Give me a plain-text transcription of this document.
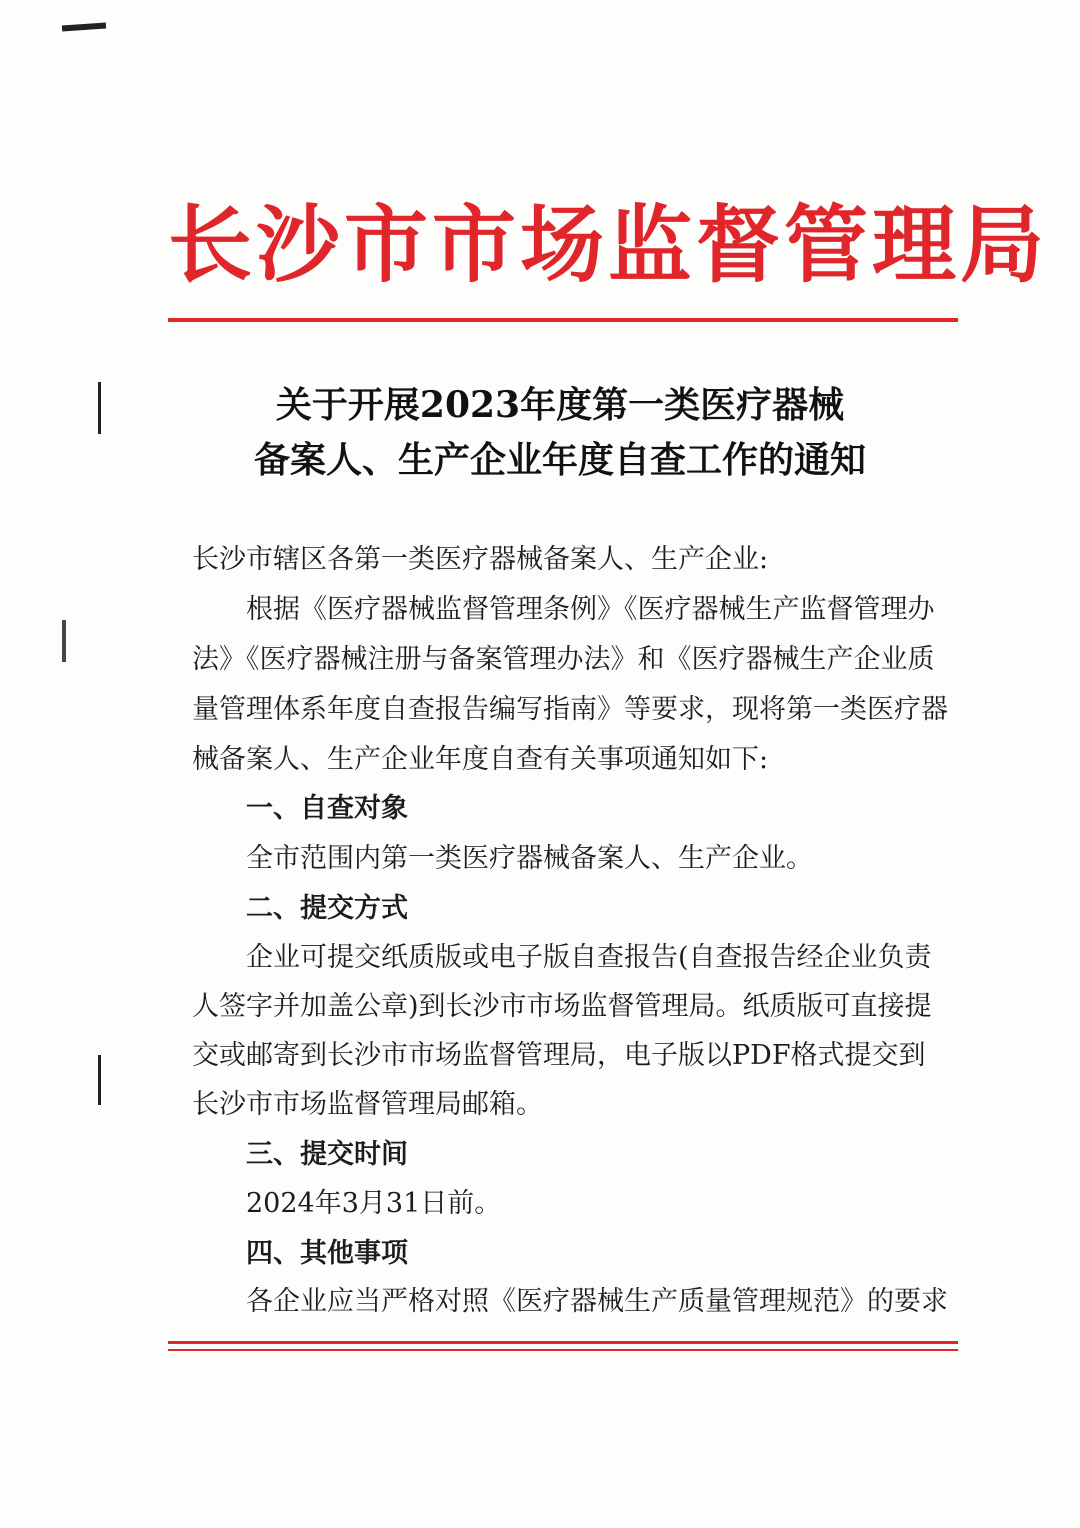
长沙市市场监督管理局
关于开展2023年度第一类医疗器械
备案人、生产企业年度自查工作的通知
长沙市辖区各第一类医疗器械备案人、生产企业:
根据《医疗器械监督管理条例》《医疗器械生产监督管理办
法》《医疗器械注册与备案管理办法》和《医疗器械生产企业质
量管理体系年度自查报告编写指南》等要求，现将第一类医疗器
械备案人、生产企业年度自查有关事项通知如下:
一、自查对象
全市范围内第一类医疗器械备案人、生产企业。
二、提交方式
企业可提交纸质版或电子版自查报告(自查报告经企业负责
人签字并加盖公章)到长沙市市场监督管理局。纸质版可直接提
交或邮寄到长沙市市场监督管理局，电子版以PDF格式提交到
长沙市市场监督管理局邮箱。
三、提交时间
2024年3月31日前。
四、其他事项
各企业应当严格对照《医疗器械生产质量管理规范》的要求
